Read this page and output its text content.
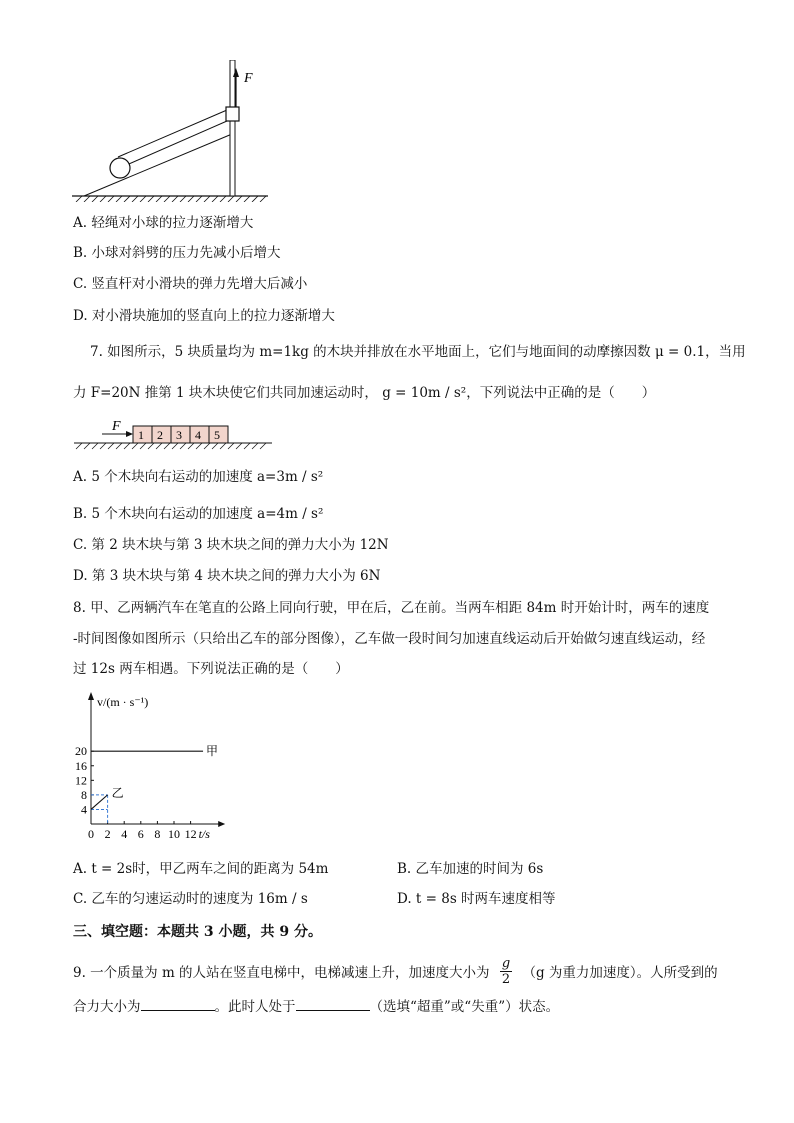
F
A. 轻绳对小球的拉力逐渐增大
B. 小球对斜劈的压力先减小后增大
C. 竖直杆对小滑块的弹力先增大后减小
D. 对小滑块施加的竖直向上的拉力逐渐增大
7. 如图所示，5 块质量均为 m=1kg 的木块并排放在水平地面上，它们与地面间的动摩擦因数 μ = 0.1，当用
力 F=20N 推第 1 块木块使它们共同加速运动时， g = 10m / s²，下列说法中正确的是（　　）
F
1 2 3 4 5
A. 5 个木块向右运动的加速度 a=3m / s²
B. 5 个木块向右运动的加速度 a=4m / s²
C. 第 2 块木块与第 3 块木块之间的弹力大小为 12N
D. 第 3 块木块与第 4 块木块之间的弹力大小为 6N
8. 甲、乙两辆汽车在笔直的公路上同向行驶，甲在后，乙在前。当两车相距 84m 时开始计时，两车的速度
-时间图像如图所示（只给出乙车的部分图像），乙车做一段时间匀加速直线运动后开始做匀速直线运动，经
过 12s 两车相遇。下列说法正确的是（　　）
v/(m · s⁻¹)
t/s
0 2 4 6 8 10 12
4
8
12
16
20	甲
乙
A. t = 2s时，甲乙两车之间的距离为 54m	B. 乙车加速的时间为 6s
C. 乙车的匀速运动时的速度为 16m / s	D. t = 8s 时两车速度相等
三、填空题：本题共 3 小题，共 9 分。
9. 一个质量为 m 的人站在竖直电梯中，电梯减速上升，加速度大小为 $\frac{g}{2} (g$ 为重力加速度）。人所受到的
合力大小为	。此时人处于	（选填“超重”或“失重”）状态。
